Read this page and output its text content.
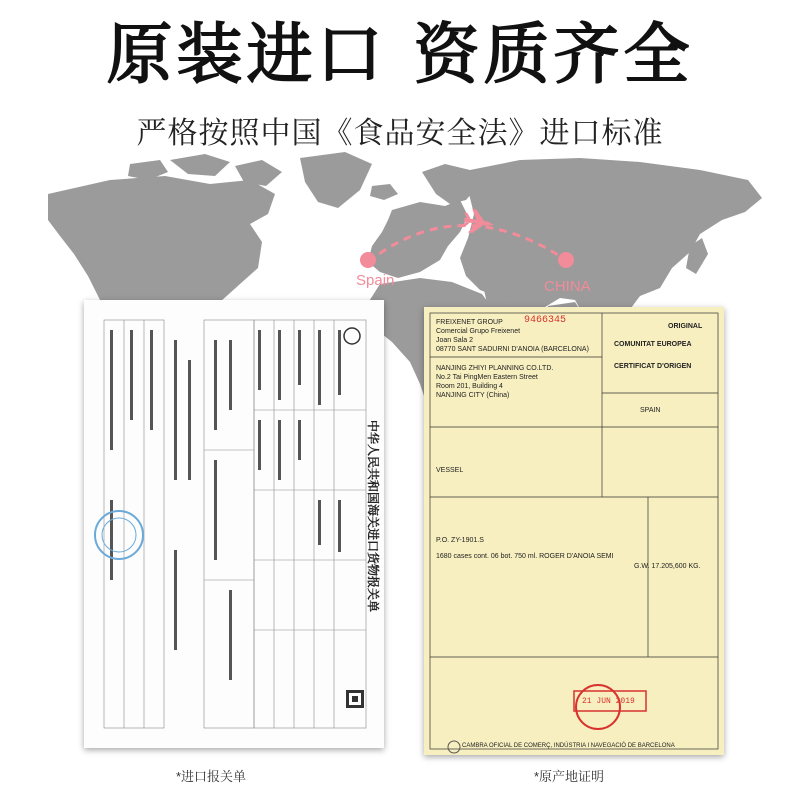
原装进口 资质齐全
严格按照中国《食品安全法》进口标准
Spain	CHINA
中华人民共和国海关进口货物报关单
9466345
ORIGINAL
FREIXENET GROUP
Comercial Grupo Freixenet
Joan Sala 2
08770 SANT SADURNI D'ANOIA (BARCELONA)
COMUNITAT EUROPEA
CERTIFICAT D'ORIGEN
NANJING ZHIYI PLANNING CO.LTD.
No.2 Tai PingMen Eastern Street
Room 201, Building 4
NANJING CITY (China)
SPAIN
VESSEL
P.O. ZY-1901.S
1680 cases cont. 06 bot. 750 ml. ROGER D'ANOIA SEMI
G.W. 17.205,600 KG.
21 JUN 2019
CAMBRA OFICIAL DE COMERÇ, INDÚSTRIA I NAVEGACIÓ DE BARCELONA
*进口报关单	*原产地证明
